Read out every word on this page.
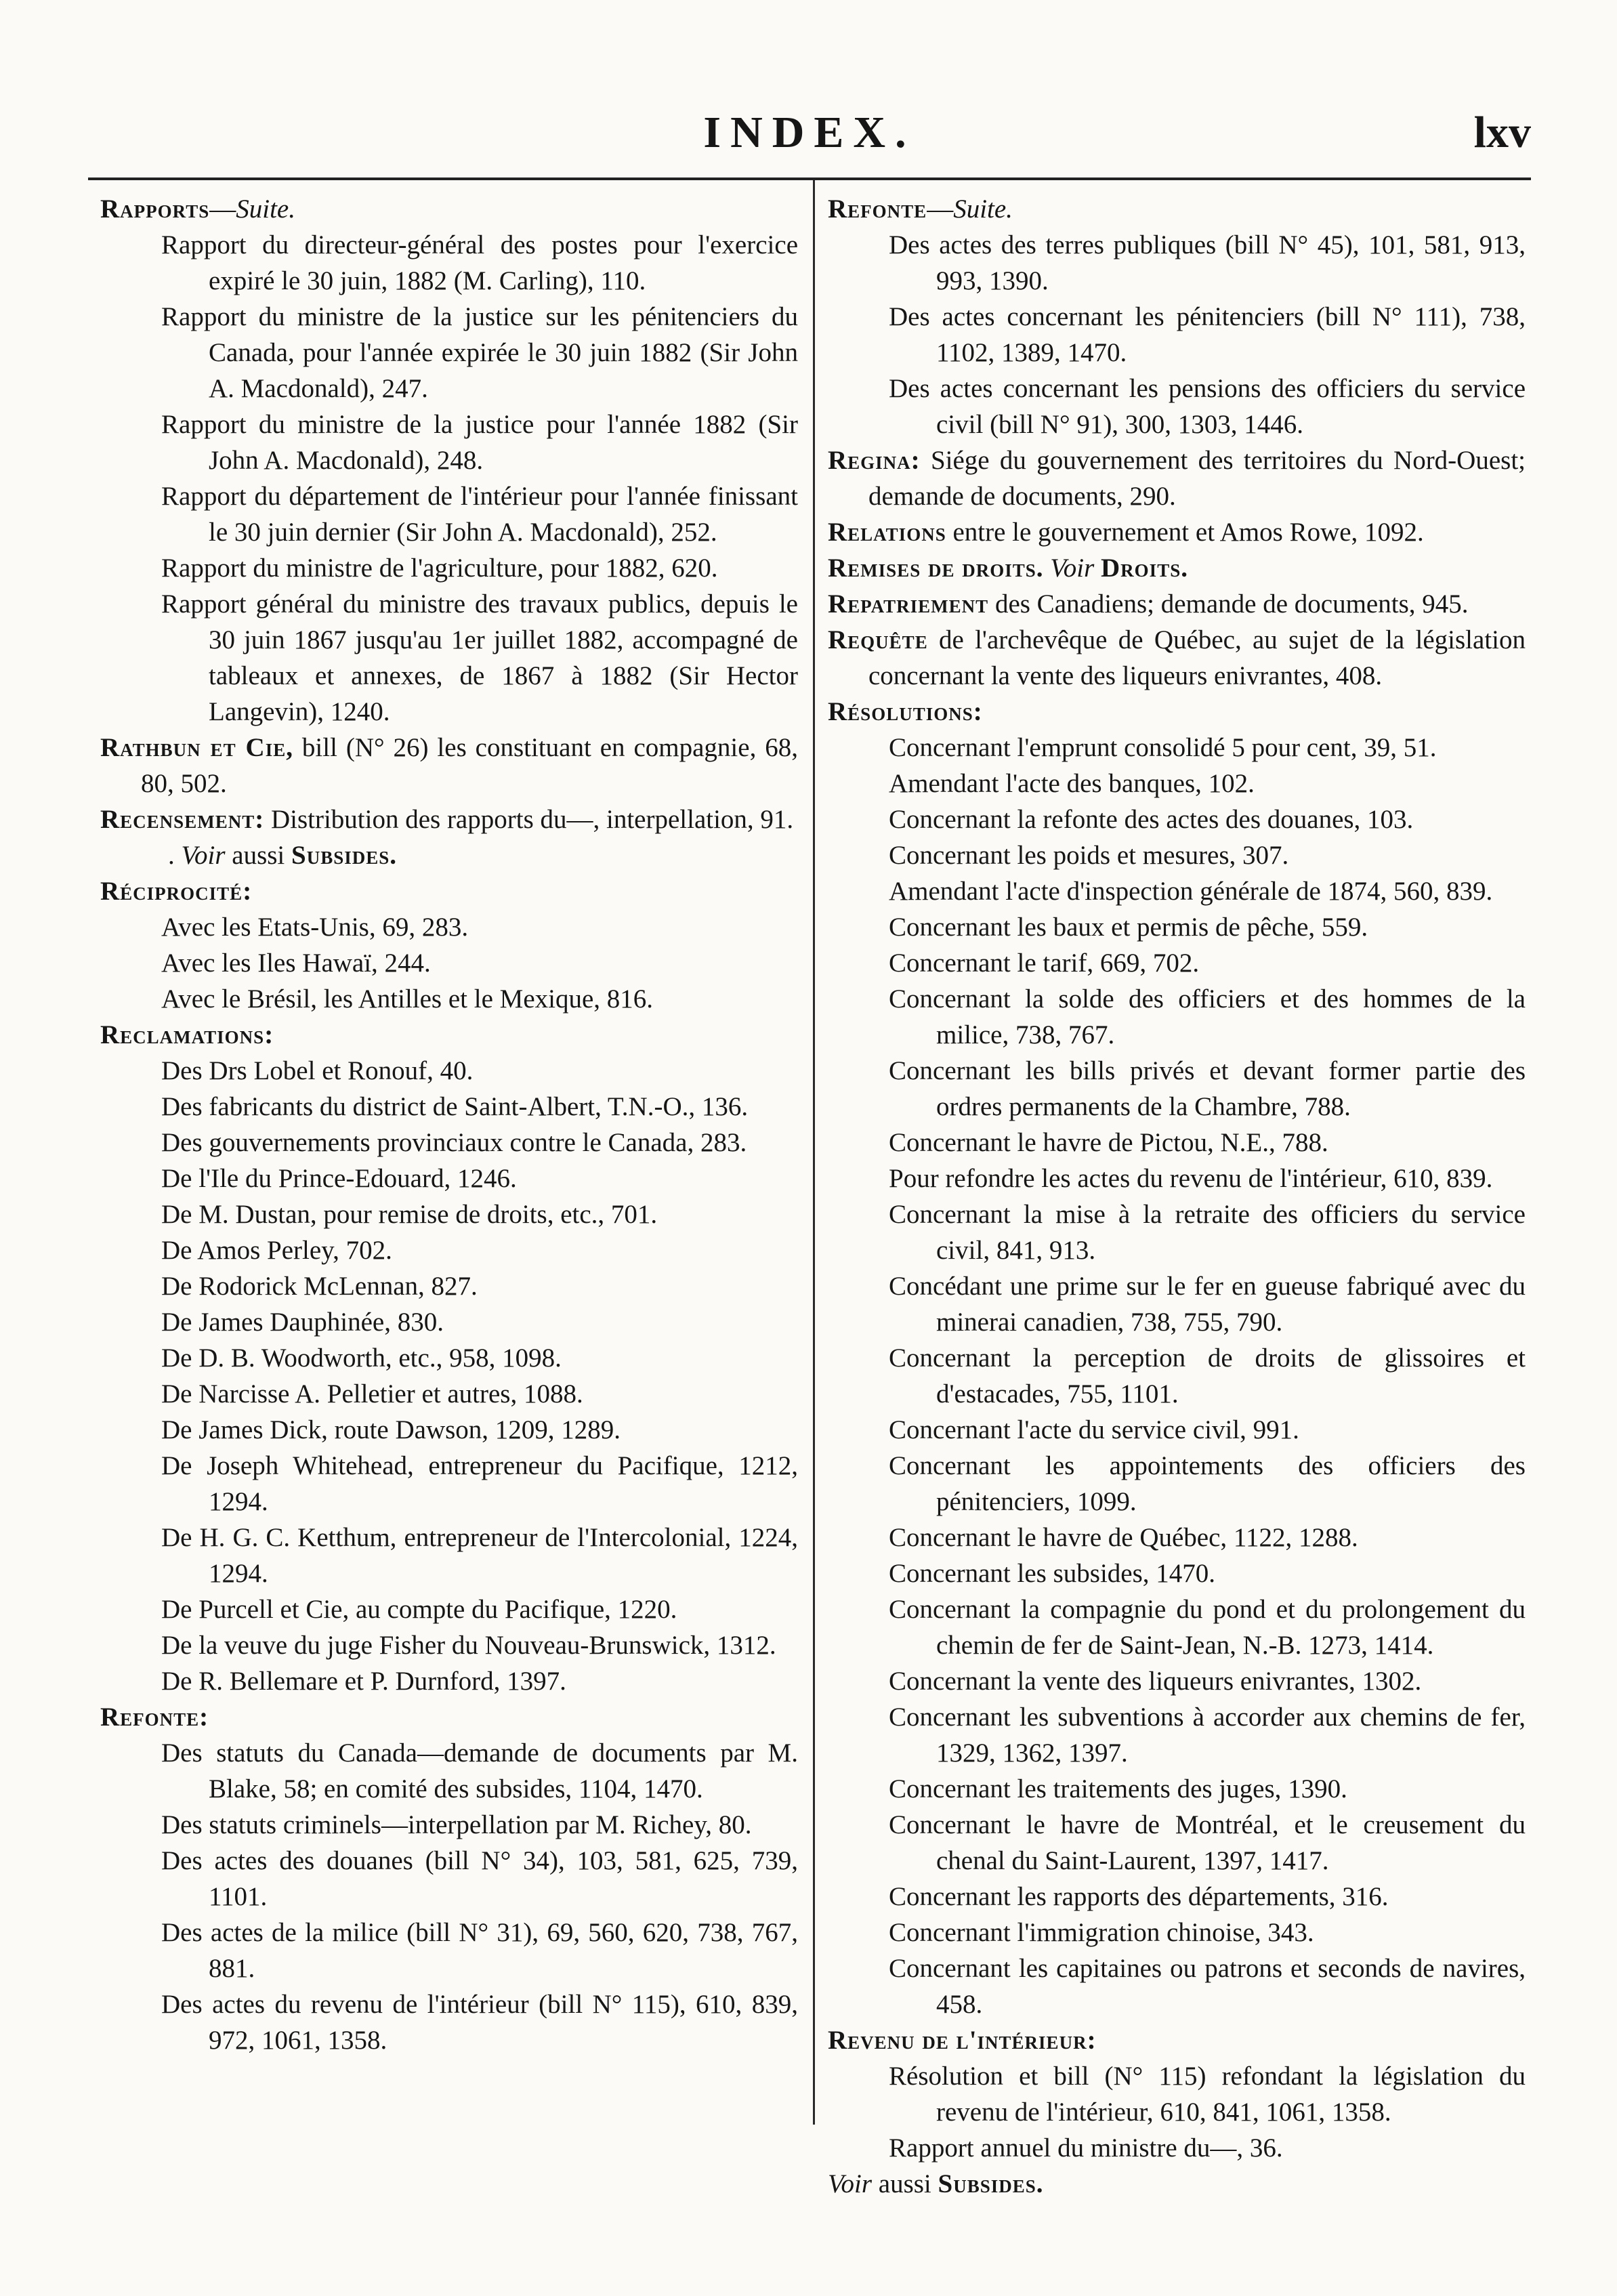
INDEX.	lxv
Rapports—Suite.
Rapport du directeur-général des postes pour l'exercice expiré le 30 juin, 1882 (M. Carling), 110.
Rapport du ministre de la justice sur les pénitenciers du Canada, pour l'année expirée le 30 juin 1882 (Sir John A. Macdonald), 247.
Rapport du ministre de la justice pour l'année 1882 (Sir John A. Macdonald), 248.
Rapport du département de l'intérieur pour l'année finissant le 30 juin dernier (Sir John A. Macdonald), 252.
Rapport du ministre de l'agriculture, pour 1882, 620.
Rapport général du ministre des travaux publics, depuis le 30 juin 1867 jusqu'au 1er juillet 1882, accompagné de tableaux et annexes, de 1867 à 1882 (Sir Hector Langevin), 1240.
Rathbun et Cie, bill (N° 26) les constituant en compagnie, 68, 80, 502.
Recensement: Distribution des rapports du—, interpellation, 91.
. Voir aussi Subsides.
Réciprocité:
Avec les Etats-Unis, 69, 283.
Avec les Iles Hawaï, 244.
Avec le Brésil, les Antilles et le Mexique, 816.
Reclamations:
Des Drs Lobel et Ronouf, 40.
Des fabricants du district de Saint-Albert, T.N.-O., 136.
Des gouvernements provinciaux contre le Canada, 283.
De l'Ile du Prince-Edouard, 1246.
De M. Dustan, pour remise de droits, etc., 701.
De Amos Perley, 702.
De Rodorick McLennan, 827.
De James Dauphinée, 830.
De D. B. Woodworth, etc., 958, 1098.
De Narcisse A. Pelletier et autres, 1088.
De James Dick, route Dawson, 1209, 1289.
De Joseph Whitehead, entrepreneur du Pacifique, 1212, 1294.
De H. G. C. Ketthum, entrepreneur de l'Intercolonial, 1224, 1294.
De Purcell et Cie, au compte du Pacifique, 1220.
De la veuve du juge Fisher du Nouveau-Brunswick, 1312.
De R. Bellemare et P. Durnford, 1397.
Refonte:
Des statuts du Canada—demande de documents par M. Blake, 58; en comité des subsides, 1104, 1470.
Des statuts criminels—interpellation par M. Richey, 80.
Des actes des douanes (bill N° 34), 103, 581, 625, 739, 1101.
Des actes de la milice (bill N° 31), 69, 560, 620, 738, 767, 881.
Des actes du revenu de l'intérieur (bill N° 115), 610, 839, 972, 1061, 1358.
Refonte—Suite.
Des actes des terres publiques (bill N° 45), 101, 581, 913, 993, 1390.
Des actes concernant les pénitenciers (bill N° 111), 738, 1102, 1389, 1470.
Des actes concernant les pensions des officiers du service civil (bill N° 91), 300, 1303, 1446.
Regina: Siége du gouvernement des territoires du Nord-Ouest; demande de documents, 290.
Relations entre le gouvernement et Amos Rowe, 1092.
Remises de droits. Voir Droits.
Repatriement des Canadiens; demande de documents, 945.
Requête de l'archevêque de Québec, au sujet de la législation concernant la vente des liqueurs enivrantes, 408.
Résolutions:
Concernant l'emprunt consolidé 5 pour cent, 39, 51.
Amendant l'acte des banques, 102.
Concernant la refonte des actes des douanes, 103.
Concernant les poids et mesures, 307.
Amendant l'acte d'inspection générale de 1874, 560, 839.
Concernant les baux et permis de pêche, 559.
Concernant le tarif, 669, 702.
Concernant la solde des officiers et des hommes de la milice, 738, 767.
Concernant les bills privés et devant former partie des ordres permanents de la Chambre, 788.
Concernant le havre de Pictou, N.E., 788.
Pour refondre les actes du revenu de l'intérieur, 610, 839.
Concernant la mise à la retraite des officiers du service civil, 841, 913.
Concédant une prime sur le fer en gueuse fabriqué avec du minerai canadien, 738, 755, 790.
Concernant la perception de droits de glissoires et d'estacades, 755, 1101.
Concernant l'acte du service civil, 991.
Concernant les appointements des officiers des pénitenciers, 1099.
Concernant le havre de Québec, 1122, 1288.
Concernant les subsides, 1470.
Concernant la compagnie du pond et du prolongement du chemin de fer de Saint-Jean, N.-B. 1273, 1414.
Concernant la vente des liqueurs enivrantes, 1302.
Concernant les subventions à accorder aux chemins de fer, 1329, 1362, 1397.
Concernant les traitements des juges, 1390.
Concernant le havre de Montréal, et le creusement du chenal du Saint-Laurent, 1397, 1417.
Concernant les rapports des départements, 316.
Concernant l'immigration chinoise, 343.
Concernant les capitaines ou patrons et seconds de navires, 458.
Revenu de l'intérieur:
Résolution et bill (N° 115) refondant la législation du revenu de l'intérieur, 610, 841, 1061, 1358.
Rapport annuel du ministre du—, 36.
Voir aussi Subsides.
